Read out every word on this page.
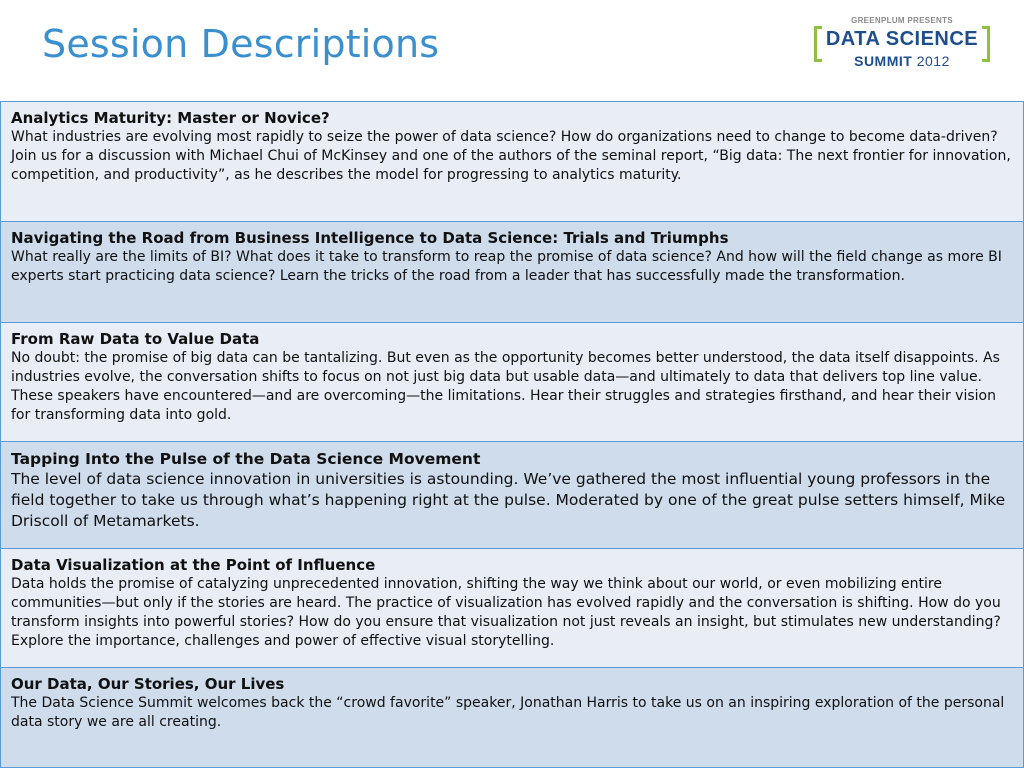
Session Descriptions
GREENPLUM PRESENTS
DATA SCIENCE
SUMMIT 2012
Analytics Maturity: Master or Novice?
What industries are evolving most rapidly to seize the power of data science? How do organizations need to change to become data-driven? Join us for a discussion with Michael Chui of McKinsey and one of the authors of the seminal report, “Big data: The next frontier for innovation, competition, and productivity”, as he describes the model for progressing to analytics maturity.
Navigating the Road from Business Intelligence to Data Science: Trials and Triumphs
What really are the limits of BI? What does it take to transform to reap the promise of data science? And how will the field change as more BI experts start practicing data science? Learn the tricks of the road from a leader that has successfully made the transformation.
From Raw Data to Value Data
No doubt: the promise of big data can be tantalizing. But even as the opportunity becomes better understood, the data itself disappoints. As industries evolve, the conversation shifts to focus on not just big data but usable data—and ultimately to data that delivers top line value. These speakers have encountered—and are overcoming—the limitations. Hear their struggles and strategies firsthand, and hear their vision for transforming data into gold.
Tapping Into the Pulse of the Data Science Movement
The level of data science innovation in universities is astounding. We’ve gathered the most influential young professors in the field together to take us through what’s happening right at the pulse. Moderated by one of the great pulse setters himself, Mike Driscoll of Metamarkets.
Data Visualization at the Point of Influence
Data holds the promise of catalyzing unprecedented innovation, shifting the way we think about our world, or even mobilizing entire communities—but only if the stories are heard. The practice of visualization has evolved rapidly and the conversation is shifting. How do you transform insights into powerful stories? How do you ensure that visualization not just reveals an insight, but stimulates new understanding? Explore the importance, challenges and power of effective visual storytelling.
Our Data, Our Stories, Our Lives
The Data Science Summit welcomes back the “crowd favorite” speaker, Jonathan Harris to take us on an inspiring exploration of the personal data story we are all creating.
